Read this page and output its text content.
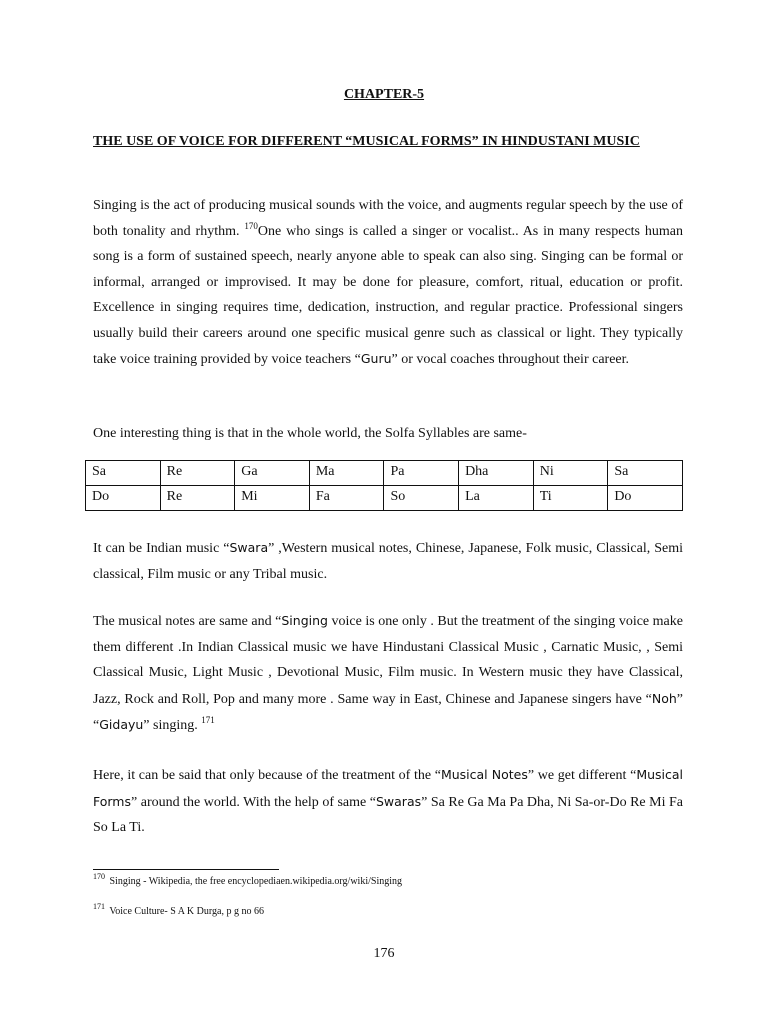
CHAPTER-5
THE USE OF VOICE FOR DIFFERENT “MUSICAL FORMS” IN HINDUSTANI MUSIC

Singing is the act of producing musical sounds with the voice, and augments regular speech by the use of both tonality and rhythm. $^{170}$One who sings is called a singer or vocalist.. As in many respects human song is a form of sustained speech, nearly anyone able to speak can also sing. Singing can be formal or informal, arranged or improvised. It may be done for pleasure, comfort, ritual, education or profit. Excellence in singing requires time, dedication, instruction, and regular practice. Professional singers usually build their careers around one specific musical genre such as classical or light. They typically take voice training provided by voice teachers “Guru” or vocal coaches throughout their career.

One interesting thing is that in the whole world, the Solfa Syllables are same-

Sa	Re	Ga	Ma	Pa	Dha	Ni	Sa
Do	Re	Mi	Fa	So	La	Ti	Do

It can be Indian music “Swara” ,Western musical notes, Chinese, Japanese, Folk music, Classical, Semi classical, Film music or any Tribal music.

The musical notes are same and “Singing voice is one only . But the treatment of the singing voice make them different .In Indian Classical music we have Hindustani Classical Music , Carnatic Music, , Semi Classical Music, Light Music , Devotional Music, Film music. In Western music they have Classical, Jazz, Rock and Roll, Pop and many more . Same way in East, Chinese and Japanese singers have “Noh” “Gidayu” singing. $^{171}$

Here, it can be said that only because of the treatment of the “Musical Notes” we get different “Musical Forms” around the world. With the help of same “Swaras” Sa Re Ga Ma Pa Dha, Ni Sa-or-Do Re Mi Fa So La Ti.

$^{170}$ Singing - Wikipedia, the free encyclopediaen.wikipedia.org/wiki/Singing
$^{171}$ Voice Culture- S A K Durga, p g no 66
176
